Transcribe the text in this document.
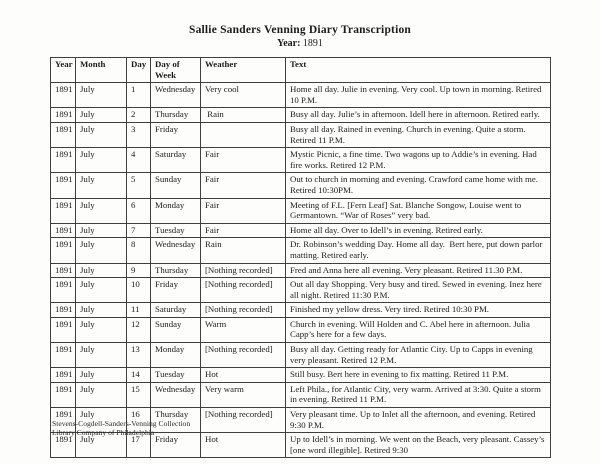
Sallie Sanders Venning Diary Transcription
Year: 1891
Year	Month	Day	Day of Week	Weather	Text
1891	July	1	Wednesday	Very cool	Home all day. Julie in evening. Very cool. Up town in morning. Retired 10 P.M.
1891	July	2	Thursday	Rain	Busy all day. Julie’s in afternoon. Idell here in afternoon. Retired early.
1891	July	3	Friday		Busy all day. Rained in evening. Church in evening. Quite a storm. Retired 11 P.M.
1891	July	4	Saturday	Fair	Mystic Picnic, a fine time. Two wagons up to Addie’s in evening. Had fire works. Retired 12 P.M.
1891	July	5	Sunday	Fair	Out to church in morning and evening. Crawford came home with me. Retired 10:30PM.
1891	July	6	Monday	Fair	Meeting of F.L. [Fern Leaf] Sat. Blanche Songow, Louise went to Germantown. “War of Roses” very bad.
1891	July	7	Tuesday	Fair	Home all day. Over to Idell’s in evening. Retired early.
1891	July	8	Wednesday	Rain	Dr. Robinson’s wedding Day. Home all day.  Bert here, put down parlor matting. Retired early.
1891	July	9	Thursday	[Nothing recorded]	Fred and Anna here all evening. Very pleasant. Retired 11.30 P.M.
1891	July	10	Friday	[Nothing recorded]	Out all day Shopping. Very busy and tired. Sewed in evening. Inez here all night. Retired 11:30 P.M.
1891	July	11	Saturday	[Nothing recorded]	Finished my yellow dress. Very tired. Retired 10:30 PM.
1891	July	12	Sunday	Warm	Church in evening. Will Holden and C. Abel here in afternoon. Julia Capp’s here for a few days.
1891	July	13	Monday	[Nothing recorded]	Busy all day. Getting ready for Atlantic City. Up to Capps in evening very pleasant. Retired 12 P.M.
1891	July	14	Tuesday	Hot	Still busy. Bert here in evening to fix matting. Retired 11 P.M.
1891	July	15	Wednesday	Very warm	Left Phila., for Atlantic City, very warm. Arrived at 3:30. Quite a storm in evening. Retired 11 P.M.
1891	July	16	Thursday	[Nothing recorded]	Very pleasant time. Up to Inlet all the afternoon, and evening. Retired 9:30 P.M.
1891	July	17	Friday	Hot	Up to Idell’s in morning. We went on the Beach, very pleasant. Cassey’s [one word illegible]. Retired 9:30
Stevens-Cogdell-Sanders-Venning Collection
Library Company of Philadelphia
